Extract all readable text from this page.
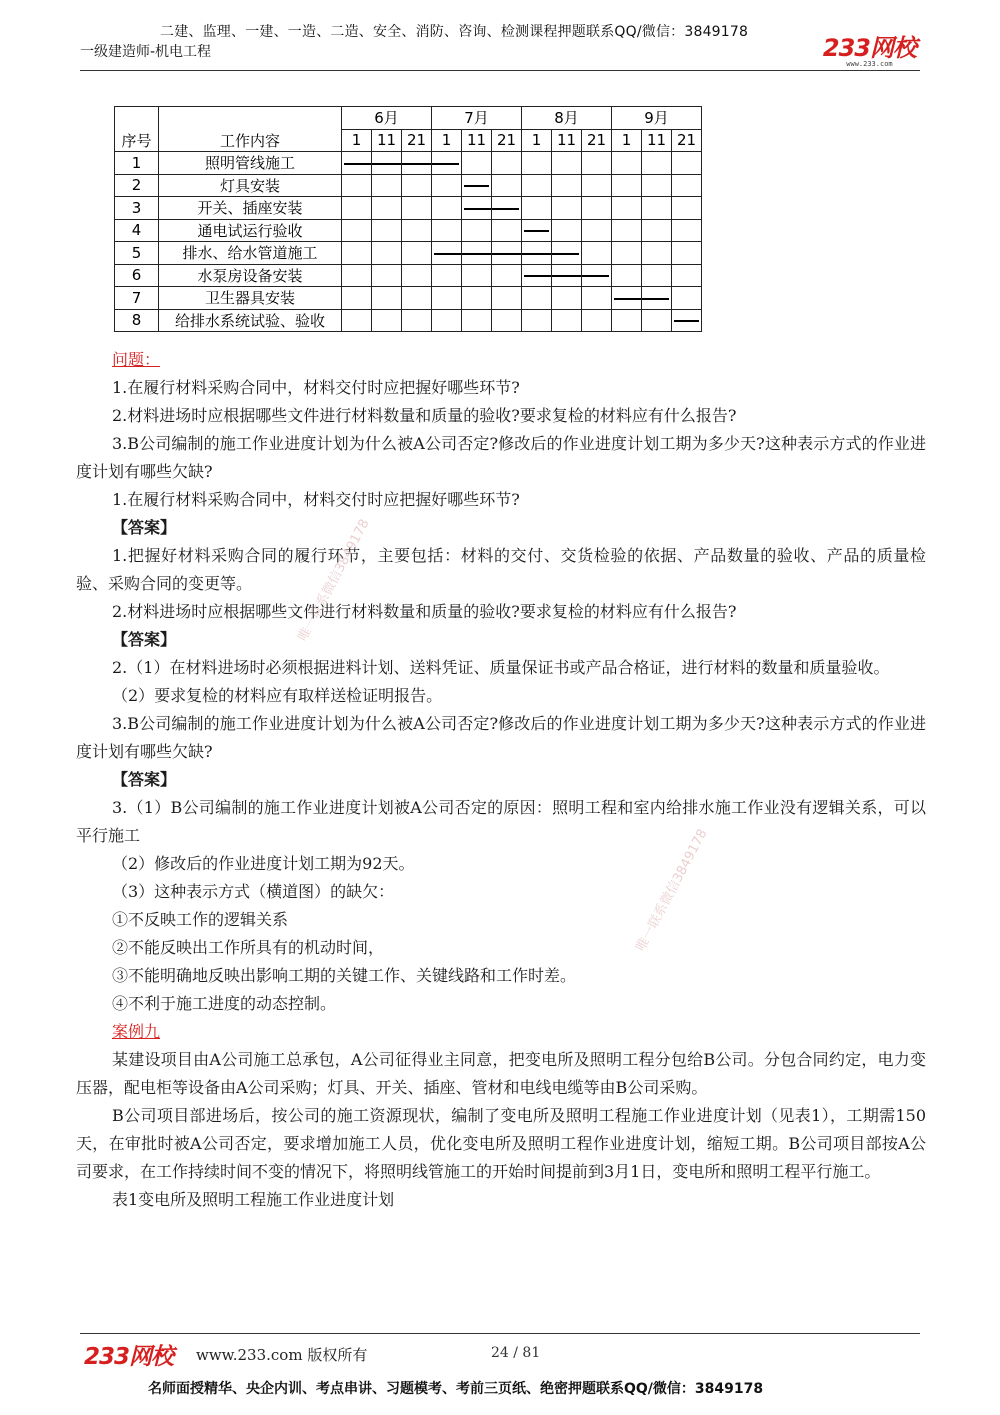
二建、监理、一建、一造、二造、安全、消防、咨询、检测课程押题联系QQ/微信：3849178
一级建造师-机电工程	233网校
www.233.com
		6月			7月			8月			9月		
序号	工作内容	1	11	21	1	11	21	1	11	21	1	11	21
1	照明管线施工	

2	灯具安装					

3	开关、插座安装					

4	通电试运行验收							

5	排水、给水管道施工				

6	水泵房设备安装							

7	卫生器具安装										

8	给排水系统试验、验收												

问题：

1.在履行材料采购合同中，材料交付时应把握好哪些环节?

2.材料进场时应根据哪些文件进行材料数量和质量的验收?要求复检的材料应有什么报告?

3.B公司编制的施工作业进度计划为什么被A公司否定?修改后的作业进度计划工期为多少天?这种表示方式的作业进度计划有哪些欠缺?

1.在履行材料采购合同中，材料交付时应把握好哪些环节?

【答案】

1.把握好材料采购合同的履行环节，主要包括：材料的交付、交货检验的依据、产品数量的验收、产品的质量检验、采购合同的变更等。

2.材料进场时应根据哪些文件进行材料数量和质量的验收?要求复检的材料应有什么报告?

【答案】

2.（1）在材料进场时必须根据进料计划、送料凭证、质量保证书或产品合格证，进行材料的数量和质量验收。

（2）要求复检的材料应有取样送检证明报告。

3.B公司编制的施工作业进度计划为什么被A公司否定?修改后的作业进度计划工期为多少天?这种表示方式的作业进度计划有哪些欠缺?

【答案】

3.（1）B公司编制的施工作业进度计划被A公司否定的原因：照明工程和室内给排水施工作业没有逻辑关系，可以平行施工

（2）修改后的作业进度计划工期为92天。

（3）这种表示方式（横道图）的缺欠：

①不反映工作的逻辑关系

②不能反映出工作所具有的机动时间，

③不能明确地反映出影响工期的关键工作、关键线路和工作时差。

④不利于施工进度的动态控制。

案例九

某建设项目由A公司施工总承包，A公司征得业主同意，把变电所及照明工程分包给B公司。分包合同约定，电力变压器，配电柜等设备由A公司采购；灯具、开关、插座、管材和电线电缆等由B公司采购。

B公司项目部进场后，按公司的施工资源现状，编制了变电所及照明工程施工作业进度计划（见表1），工期需150天，在审批时被A公司否定，要求增加施工人员，优化变电所及照明工程作业进度计划，缩短工期。B公司项目部按A公司要求，在工作持续时间不变的情况下，将照明线管施工的开始时间提前到3月1日，变电所和照明工程平行施工。

表1变电所及照明工程施工作业进度计划

唯一联系微信3849178
唯一联系微信3849178
233网校 www.233.com 版权所有	24 / 81
名师面授精华、央企内训、考点串讲、习题模考、考前三页纸、绝密押题联系QQ/微信：3849178
